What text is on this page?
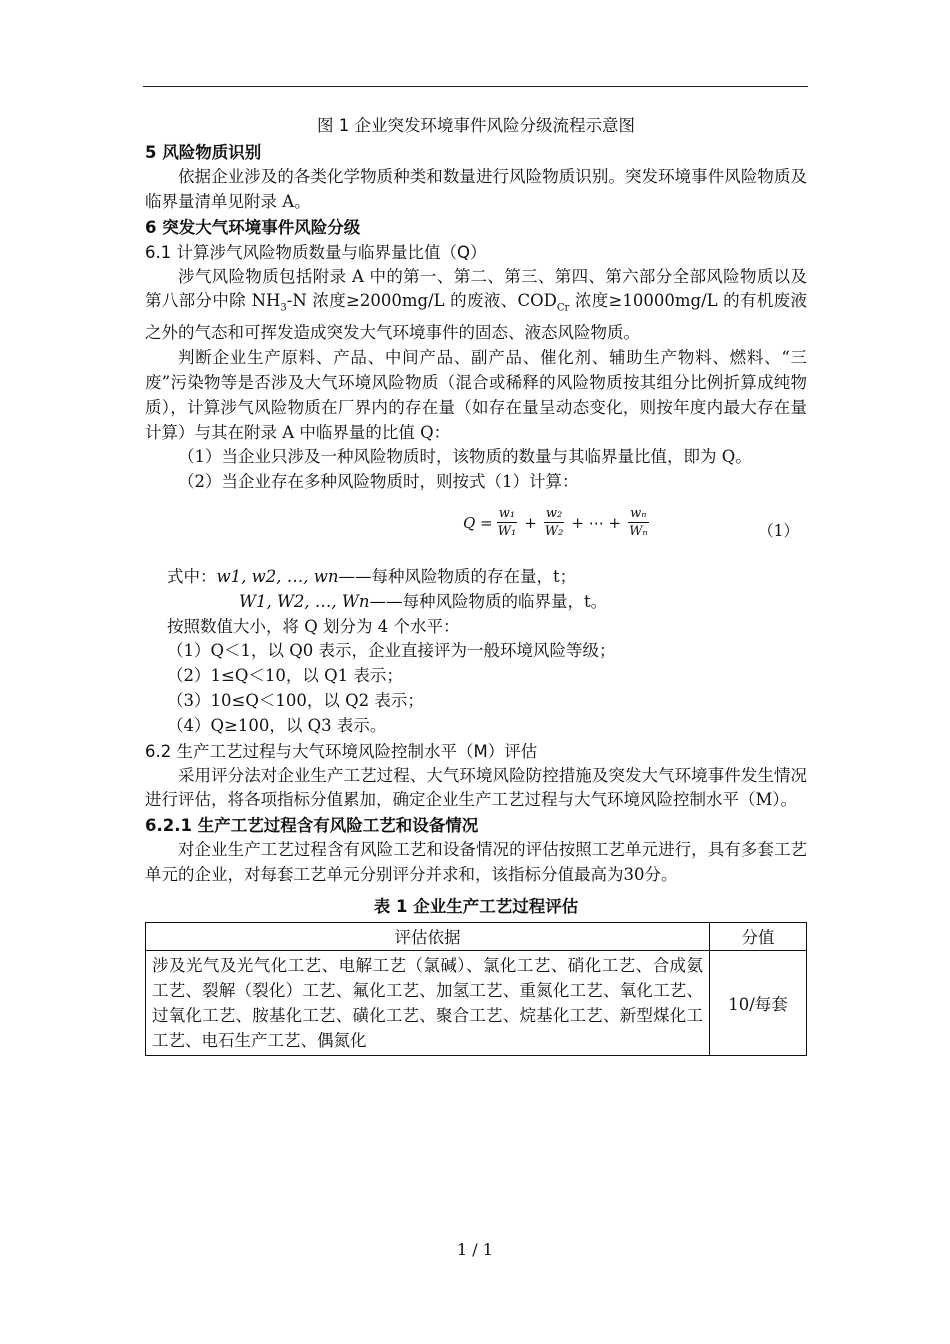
图 1 企业突发环境事件风险分级流程示意图
5 风险物质识别

依据企业涉及的各类化学物质种类和数量进行风险物质识别。突发环境事件风险物质及临界量清单见附录 A。

6 突发大气环境事件风险分级
6.1 计算涉气风险物质数量与临界量比值（Q）

涉气风险物质包括附录 A 中的第一、第二、第三、第四、第六部分全部风险物质以及第八部分中除 $NH_3-N$ 浓度≥2000mg/L 的废液、$COD_{Cr}$ 浓度≥10000mg/L 的有机废液之外的气态和可挥发造成突发大气环境事件的固态、液态风险物质。

判断企业生产原料、产品、中间产品、副产品、催化剂、辅助生产物料、燃料、“三废”污染物等是否涉及大气环境风险物质（混合或稀释的风险物质按其组分比例折算成纯物质），计算涉气风险物质在厂界内的存在量（如存在量呈动态变化，则按年度内最大存在量计算）与其在附录 A 中临界量的比值 Q：

（1）当企业只涉及一种风险物质时，该物质的数量与其临界量比值，即为 Q。

（2）当企业存在多种风险物质时，则按式（1）计算：

$Q = \frac{\text{w₁}}{\text{W₁}} + \frac{\text{w₂}}{\text{W₂}}$ + ⋯ + $\frac{\text{wₙ}}{\text{Wₙ}}$	（1）
式中：w1, w2, …, wn——每种风险物质的存在量，t；
W1, W2, …, Wn——每种风险物质的临界量，t。
按照数值大小，将 Q 划分为 4 个水平：
（1）Q＜1，以 Q0 表示，企业直接评为一般环境风险等级；
（2）1≤Q＜10，以 Q1 表示；
（3）10≤Q＜100，以 Q2 表示；
（4）Q≥100，以 Q3 表示。
6.2 生产工艺过程与大气环境风险控制水平（M）评估

采用评分法对企业生产工艺过程、大气环境风险防控措施及突发大气环境事件发生情况进行评估，将各项指标分值累加，确定企业生产工艺过程与大气环境风险控制水平（M）。

6.2.1 生产工艺过程含有风险工艺和设备情况

对企业生产工艺过程含有风险工艺和设备情况的评估按照工艺单元进行，具有多套工艺单元的企业，对每套工艺单元分别评分并求和，该指标分值最高为30分。

表 1 企业生产工艺过程评估
评估依据	分值
涉及光气及光气化工艺、电解工艺（氯碱）、氯化工艺、硝化工艺、合成氨工艺、裂解（裂化）工艺、氟化工艺、加氢工艺、重氮化工艺、氧化工艺、过氧化工艺、胺基化工艺、磺化工艺、聚合工艺、烷基化工艺、新型煤化工工艺、电石生产工艺、偶氮化	10/每套
1 / 1
